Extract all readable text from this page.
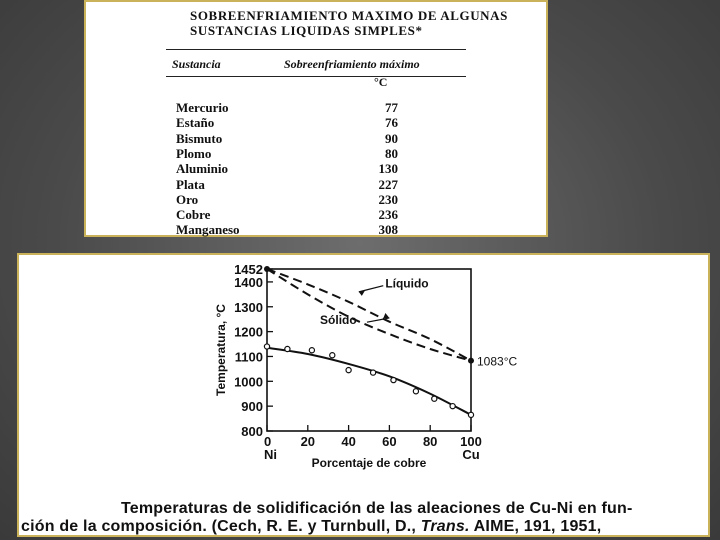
SOBREENFRIAMIENTO MAXIMO DE ALGUNAS
SUSTANCIAS LIQUIDAS SIMPLES*
Sustancia	Sobreenfriamiento máximo
°C
Mercurio	77
Estaño	76
Bismuto	90
Plomo	80
Aluminio	130
Plata	227
Oro	230
Cobre	236
Manganeso	308
800
900
1000
1100
1200
1300
1400
1452
0
Ni
20 40 60 80 100
Cu
Porcentaje de cobre
Temperatura, °C
Líquido
Sólido
1083°C
Temperaturas de solidificación de las aleaciones de Cu-Ni en fun-
ción de la composición. (Cech, R. E. y Turnbull, D., Trans. AIME, 191, 1951,
